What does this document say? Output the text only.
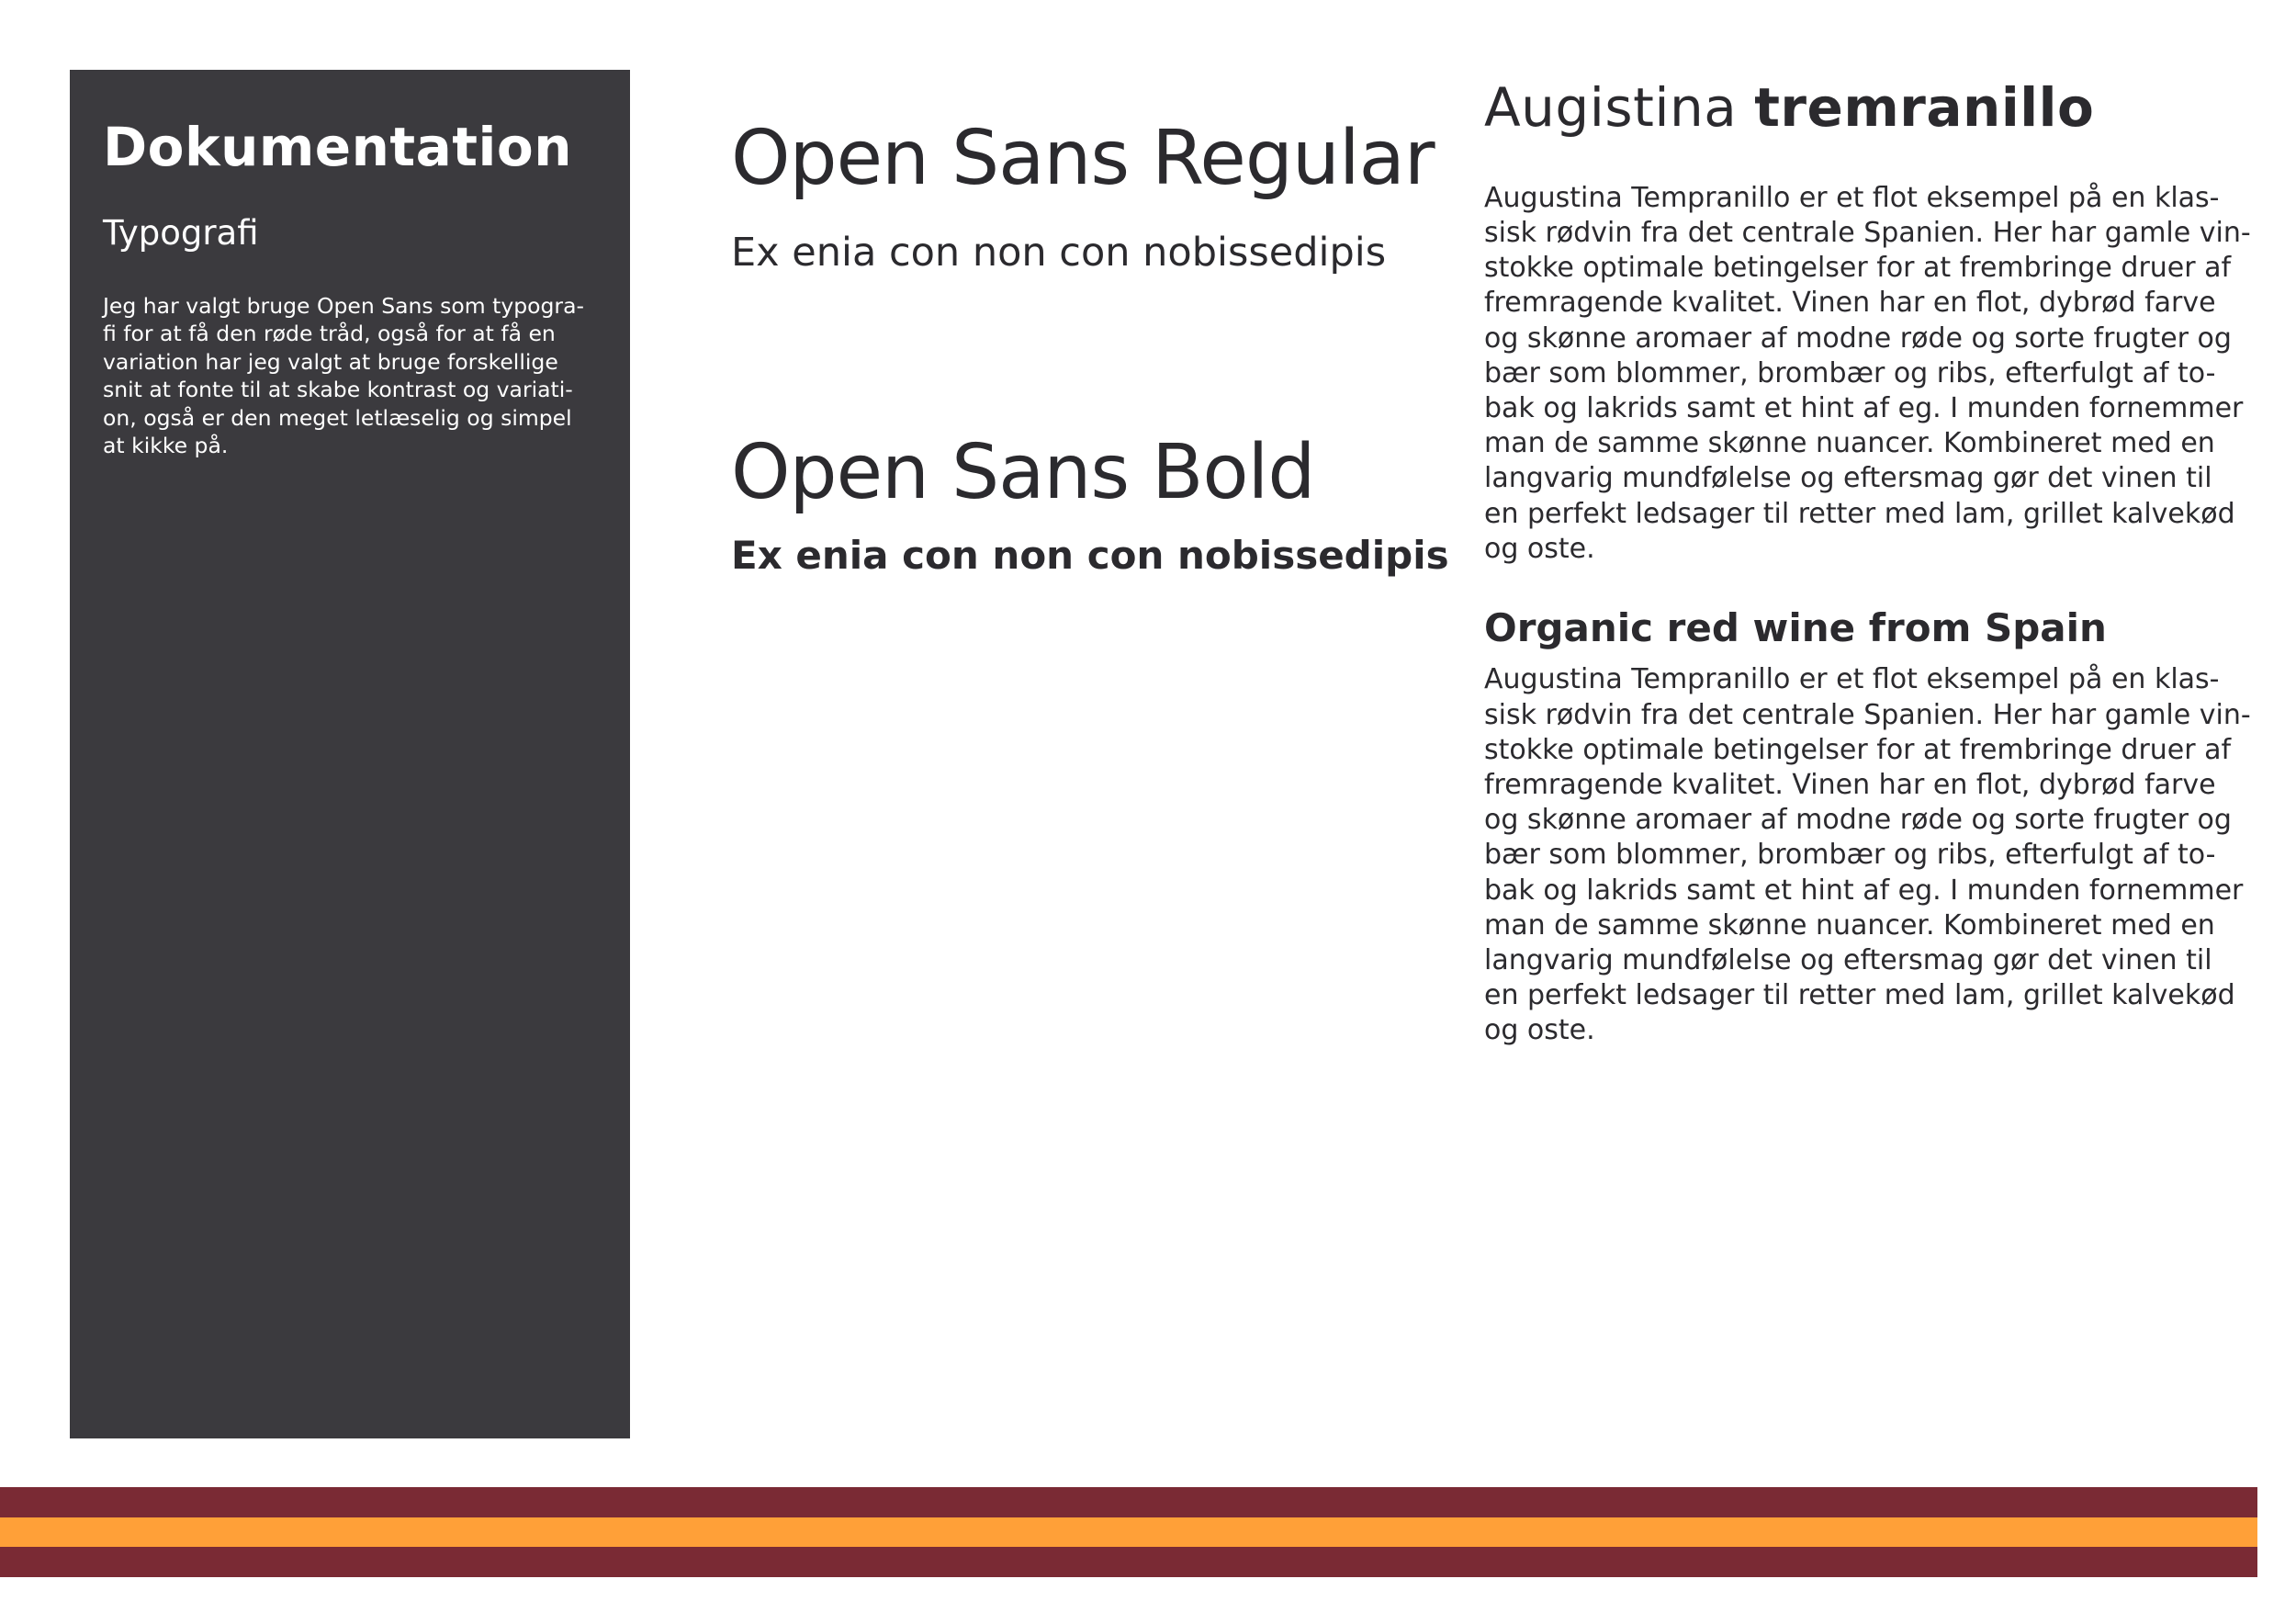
Dokumentation
Typografi

Jeg har valgt bruge Open Sans som typogra-
fi for at få den røde tråd, også for at få en
variation har jeg valgt at bruge forskellige
snit at fonte til at skabe kontrast og variati-
on, også er den meget letlæselig og simpel
at kikke på.

Open Sans Regular
Ex enia con non con nobissedipis
Open Sans Bold
Ex enia con non con nobissedipis
Augistina tremranillo

Augustina Tempranillo er et flot eksempel på en klas-
sisk rødvin fra det centrale Spanien. Her har gamle vin-
stokke optimale betingelser for at frembringe druer af
fremragende kvalitet. Vinen har en flot, dybrød farve
og skønne aromaer af modne røde og sorte frugter og
bær som blommer, brombær og ribs, efterfulgt af to-
bak og lakrids samt et hint af eg. I munden fornemmer
man de samme skønne nuancer. Kombineret med en
langvarig mundfølelse og eftersmag gør det vinen til
en perfekt ledsager til retter med lam, grillet kalvekød
og oste.

Organic red wine from Spain

Augustina Tempranillo er et flot eksempel på en klas-
sisk rødvin fra det centrale Spanien. Her har gamle vin-
stokke optimale betingelser for at frembringe druer af
fremragende kvalitet. Vinen har en flot, dybrød farve
og skønne aromaer af modne røde og sorte frugter og
bær som blommer, brombær og ribs, efterfulgt af to-
bak og lakrids samt et hint af eg. I munden fornemmer
man de samme skønne nuancer. Kombineret med en
langvarig mundfølelse og eftersmag gør det vinen til
en perfekt ledsager til retter med lam, grillet kalvekød
og oste.
